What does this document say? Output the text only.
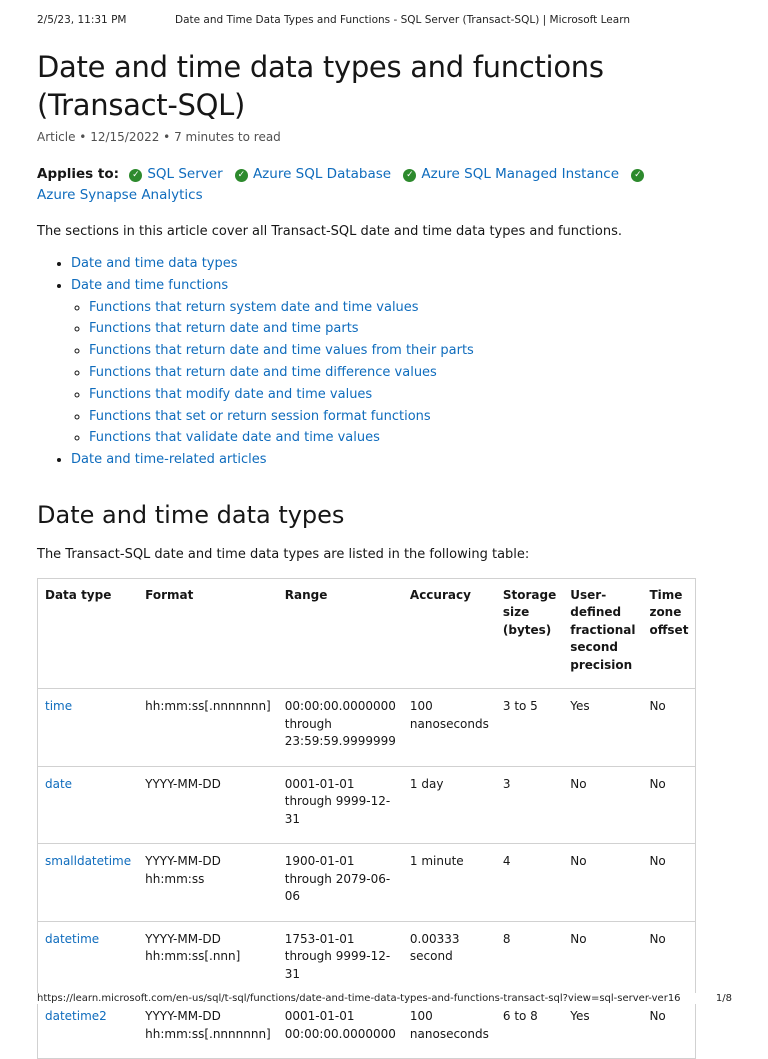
2/5/23, 11:31 PM	Date and Time Data Types and Functions - SQL Server (Transact-SQL) | Microsoft Learn
Date and time data types and functions (Transact-SQL)
Article • 12/15/2022 • 7 minutes to read
Applies to: ✓ SQL Server ✓ Azure SQL Database ✓ Azure SQL Managed Instance ✓
Azure Synapse Analytics

The sections in this article cover all Transact-SQL date and time data types and functions.

• Date and time data types
• Date and time functions
◦ Functions that return system date and time values
◦ Functions that return date and time parts
◦ Functions that return date and time values from their parts
◦ Functions that return date and time difference values
◦ Functions that modify date and time values
◦ Functions that set or return session format functions
◦ Functions that validate date and time values
• Date and time-related articles
Date and time data types

The Transact-SQL date and time data types are listed in the following table:

Data type	Format	Range	Accuracy	Storage size (bytes)	User-defined fractional second precision	Time zone offset
time	hh:mm:ss[.nnnnnnn]	00:00:00.0000000 through 23:59:59.9999999	100 nanoseconds	3 to 5	Yes	No
date	YYYY-MM-DD	0001-01-01 through 9999-12-31	1 day	3	No	No
smalldatetime	YYYY-MM-DD hh:mm:ss	1900-01-01 through 2079-06-06	1 minute	4	No	No
datetime	YYYY-MM-DD hh:mm:ss[.nnn]	1753-01-01 through 9999-12-31	0.00333 second	8	No	No
datetime2	YYYY-MM-DD hh:mm:ss[.nnnnnnn]	0001-01-01 00:00:00.0000000	100 nanoseconds	6 to 8	Yes	No
https://learn.microsoft.com/en-us/sql/t-sql/functions/date-and-time-data-types-and-functions-transact-sql?view=sql-server-ver16	1/8
